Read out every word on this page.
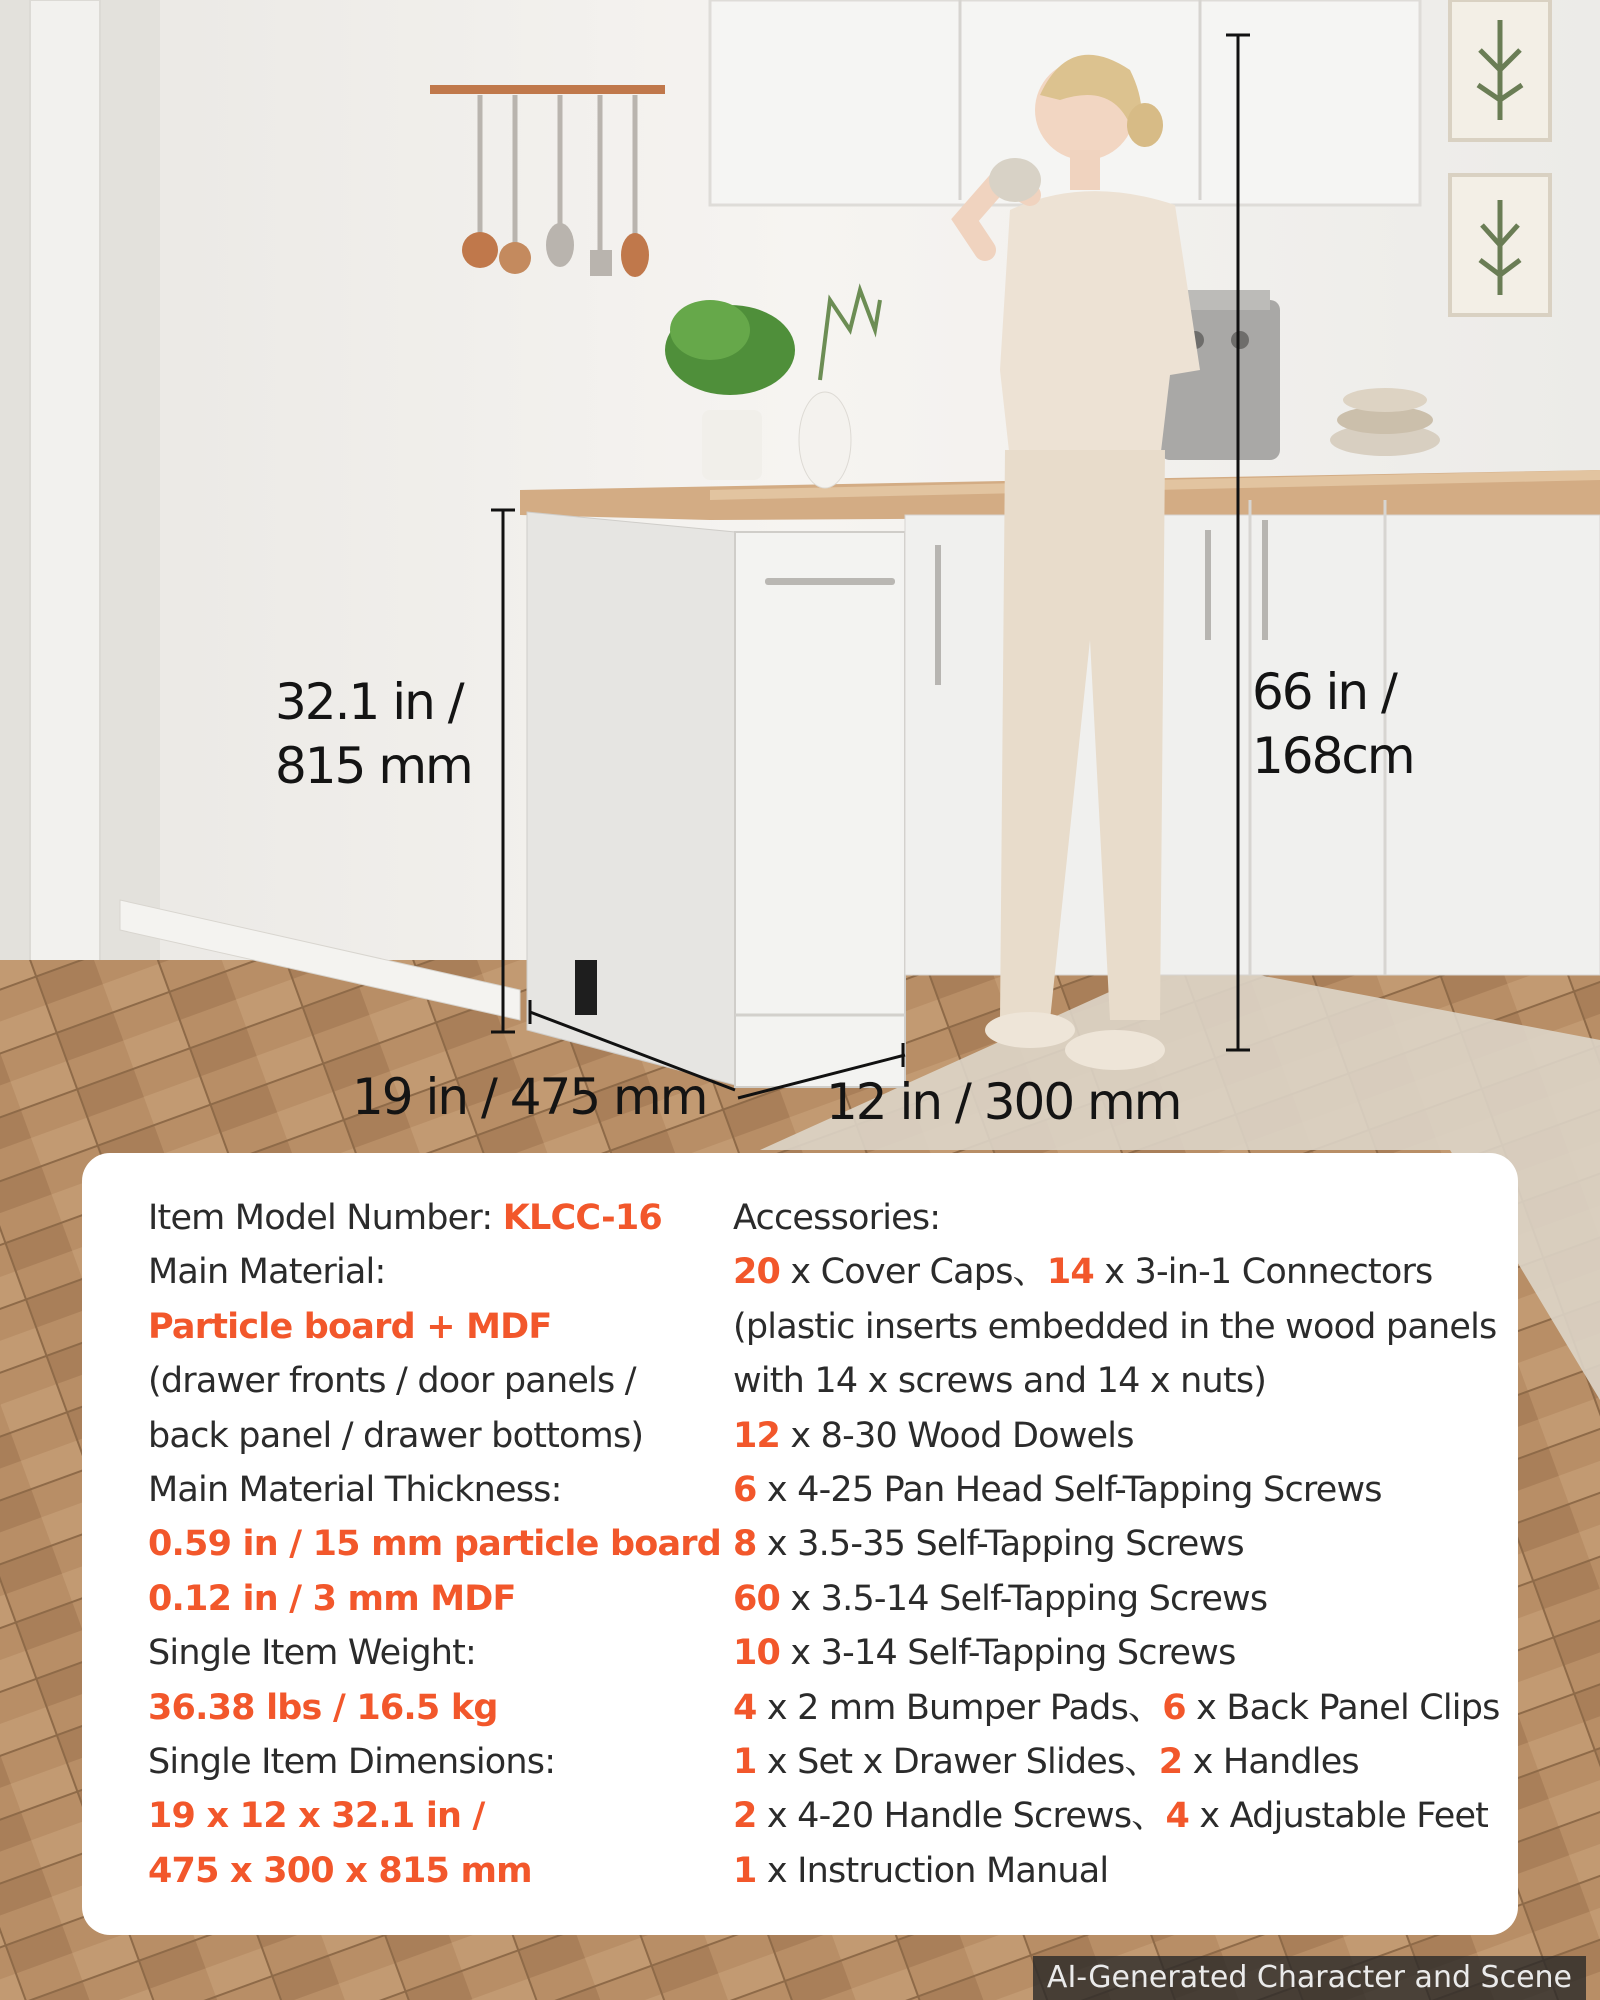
32.1 in /
815 mm
66 in /
168cm
19 in / 475 mm 12 in / 300 mm
Item Model Number: KLCC-16
Main Material:
Particle board + MDF
(drawer fronts / door panels /
back panel / drawer bottoms)
Main Material Thickness:
0.59 in / 15 mm particle board
0.12 in / 3 mm MDF
Single Item Weight:
36.38 lbs / 16.5 kg
Single Item Dimensions:
19 x 12 x 32.1 in /
475 x 300 x 815 mm
Accessories:
20 x Cover Caps、14 x 3-in-1 Connectors
(plastic inserts embedded in the wood panels
with 14 x screws and 14 x nuts)
12 x 8-30 Wood Dowels
6 x 4-25 Pan Head Self-Tapping Screws
8 x 3.5-35 Self-Tapping Screws
60 x 3.5-14 Self-Tapping Screws
10 x 3-14 Self-Tapping Screws
4 x 2 mm Bumper Pads、6 x Back Panel Clips
1 x Set x Drawer Slides、2 x Handles
2 x 4-20 Handle Screws、4 x Adjustable Feet
1 x Instruction Manual
AI-Generated Character and Scene
